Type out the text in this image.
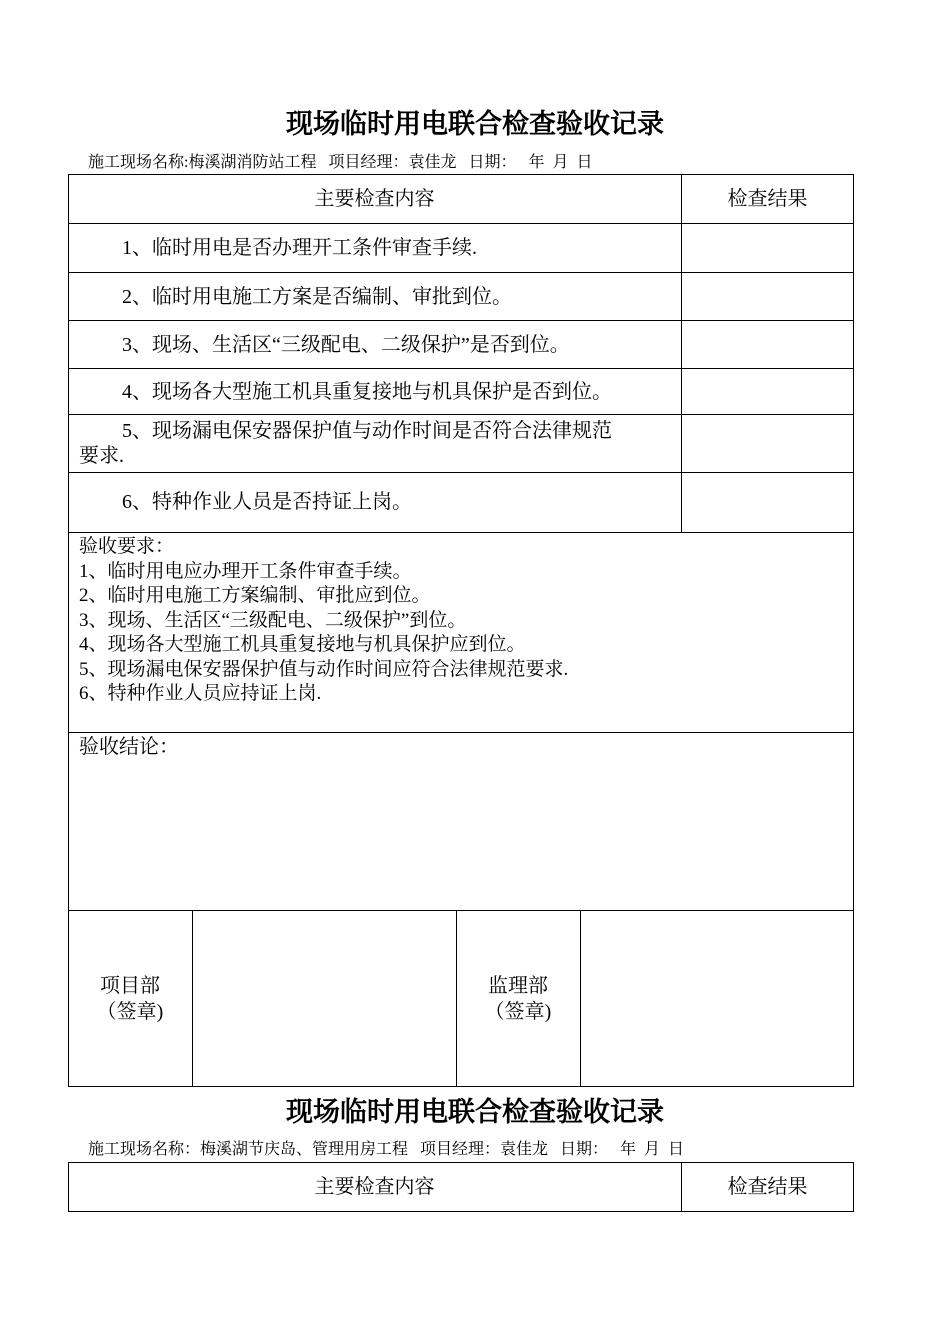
现场临时用电联合检查验收记录
施工现场名称:梅溪湖消防站工程 项目经理：袁佳龙 日期：   年  月  日
主要检查内容	检查结果
1、临时用电是否办理开工条件审查手续.
2、临时用电施工方案是否编制、审批到位。
3、现场、生活区“三级配电、二级保护”是否到位。
4、现场各大型施工机具重复接地与机具保护是否到位。
5、现场漏电保安器保护值与动作时间是否符合法律规范
要求.
6、特种作业人员是否持证上岗。
验收要求：
1、临时用电应办理开工条件审查手续。
2、临时用电施工方案编制、审批应到位。
3、现场、生活区“三级配电、二级保护”到位。
4、现场各大型施工机具重复接地与机具保护应到位。
5、现场漏电保安器保护值与动作时间应符合法律规范要求.
6、特种作业人员应持证上岗.
验收结论：
项目部
（签章)
监理部
（签章)
现场临时用电联合检查验收记录
施工现场名称：梅溪湖节庆岛、管理用房工程 项目经理：袁佳龙 日期：   年  月  日
主要检查内容	检查结果
